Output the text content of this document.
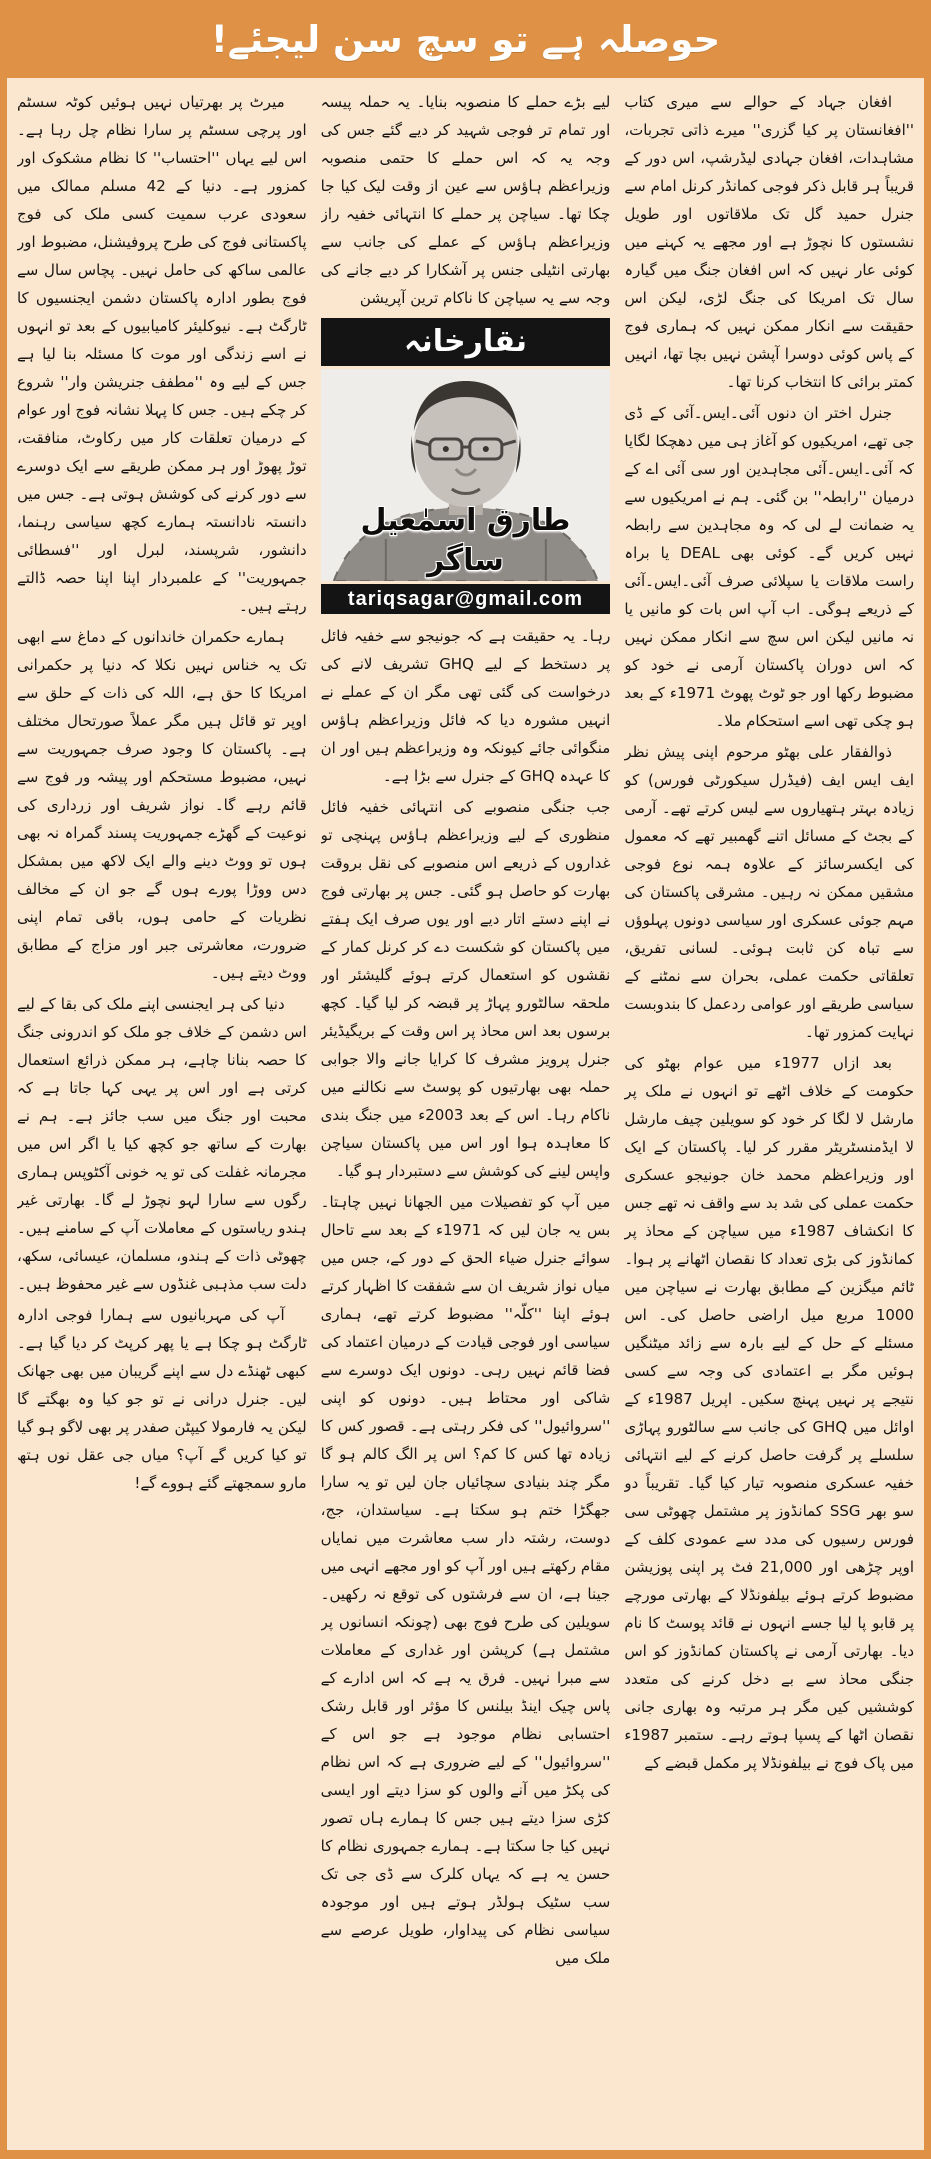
حوصلہ ہے تو سچ سن لیجئے!

افغان جہاد کے حوالے سے میری کتاب ''افغانستان پر کیا گزری'' میرے ذاتی تجربات، مشاہدات، افغان جہادی لیڈرشپ، اس دور کے قریباً ہر قابل ذکر فوجی کمانڈر کرنل امام سے جنرل حمید گل تک ملاقاتوں اور طویل نشستوں کا نچوڑ ہے اور مجھے یہ کہنے میں کوئی عار نہیں کہ اس افغان جنگ میں گیارہ سال تک امریکا کی جنگ لڑی، لیکن اس حقیقت سے انکار ممکن نہیں کہ ہماری فوج کے پاس کوئی دوسرا آپشن نہیں بچا تھا، انہیں کمتر برائی کا انتخاب کرنا تھا۔

جنرل اختر ان دنوں آئی۔ایس۔آئی کے ڈی جی تھے، امریکیوں کو آغاز ہی میں دھچکا لگایا کہ آئی۔ایس۔آئی مجاہدین اور سی آئی اے کے درمیان ''رابطہ'' بن گئی۔ ہم نے امریکیوں سے یہ ضمانت لے لی کہ وہ مجاہدین سے رابطہ نہیں کریں گے۔ کوئی بھی DEAL یا براہ راست ملاقات یا سپلائی صرف آئی۔ایس۔آئی کے ذریعے ہوگی۔ اب آپ اس بات کو مانیں یا نہ مانیں لیکن اس سچ سے انکار ممکن نہیں کہ اس دوران پاکستان آرمی نے خود کو مضبوط رکھا اور جو ٹوٹ پھوٹ 1971ء کے بعد ہو چکی تھی اسے استحکام ملا۔

ذوالفقار علی بھٹو مرحوم اپنی پیش نظر ایف ایس ایف (فیڈرل سیکورٹی فورس) کو زیادہ بہتر ہتھیاروں سے لیس کرتے تھے۔ آرمی کے بجٹ کے مسائل اتنے گھمبیر تھے کہ معمول کی ایکسرسائز کے علاوہ ہمہ نوع فوجی مشقیں ممکن نہ رہیں۔ مشرقی پاکستان کی مہم جوئی عسکری اور سیاسی دونوں پہلوؤں سے تباہ کن ثابت ہوئی۔ لسانی تفریق، تعلقاتی حکمت عملی، بحران سے نمٹنے کے سیاسی طریقے اور عوامی ردعمل کا بندوبست نہایت کمزور تھا۔

بعد ازاں 1977ء میں عوام بھٹو کی حکومت کے خلاف اٹھے تو انہوں نے ملک پر مارشل لا لگا کر خود کو سویلین چیف مارشل لا ایڈمنسٹریٹر مقرر کر لیا۔ پاکستان کے ایک اور وزیراعظم محمد خان جونیجو عسکری حکمت عملی کی شد بد سے واقف نہ تھے جس کا انکشاف 1987ء میں سیاچن کے محاذ پر کمانڈوز کی بڑی تعداد کا نقصان اٹھانے پر ہوا۔ ٹائم میگزین کے مطابق بھارت نے سیاچن میں 1000 مربع میل اراضی حاصل کی۔ اس مسئلے کے حل کے لیے بارہ سے زائد میٹنگیں ہوئیں مگر بے اعتمادی کی وجہ سے کسی نتیجے پر نہیں پہنچ سکیں۔ اپریل 1987ء کے اوائل میں GHQ کی جانب سے سالٹورو پہاڑی سلسلے پر گرفت حاصل کرنے کے لیے انتہائی خفیہ عسکری منصوبہ تیار کیا گیا۔ تقریباً دو سو بھر SSG کمانڈوز پر مشتمل چھوٹی سی فورس رسیوں کی مدد سے عمودی کلف کے اوپر چڑھی اور 21,000 فٹ پر اپنی پوزیشن مضبوط کرتے ہوئے بیلفونڈلا کے بھارتی مورچے پر قابو پا لیا جسے انہوں نے قائد پوسٹ کا نام دیا۔ بھارتی آرمی نے پاکستان کمانڈوز کو اس جنگی محاذ سے بے دخل کرنے کی متعدد کوششیں کیں مگر ہر مرتبہ وہ بھاری جانی نقصان اٹھا کے پسپا ہوتے رہے۔ ستمبر 1987ء میں پاک فوج نے بیلفونڈلا پر مکمل قبضے کے

لیے بڑے حملے کا منصوبہ بنایا۔ یہ حملہ پیسہ اور تمام تر فوجی شہید کر دیے گئے جس کی وجہ یہ کہ اس حملے کا حتمی منصوبہ وزیراعظم ہاؤس سے عین از وقت لیک کیا جا چکا تھا۔ سیاچن پر حملے کا انتہائی خفیہ راز وزیراعظم ہاؤس کے عملے کی جانب سے بھارتی انٹیلی جنس پر آشکارا کر دیے جانے کی وجہ سے یہ سیاچن کا ناکام ترین آپریشن

نقارخانہ
طارق اسمٰعیل ساگر
tariqsagar@gmail.com

رہا۔ یہ حقیقت ہے کہ جونیجو سے خفیہ فائل پر دستخط کے لیے GHQ تشریف لانے کی درخواست کی گئی تھی مگر ان کے عملے نے انہیں مشورہ دیا کہ فائل وزیراعظم ہاؤس منگوائی جائے کیونکہ وہ وزیراعظم ہیں اور ان کا عہدہ GHQ کے جنرل سے بڑا ہے۔

جب جنگی منصوبے کی انتہائی خفیہ فائل منظوری کے لیے وزیراعظم ہاؤس پہنچی تو غداروں کے ذریعے اس منصوبے کی نقل بروقت بھارت کو حاصل ہو گئی۔ جس پر بھارتی فوج نے اپنے دستے اتار دیے اور یوں صرف ایک ہفتے میں پاکستان کو شکست دے کر کرنل کمار کے نقشوں کو استعمال کرتے ہوئے گلیشئر اور ملحقہ سالٹورو پہاڑ پر قبضہ کر لیا گیا۔ کچھ برسوں بعد اس محاذ پر اس وقت کے بریگیڈیئر جنرل پرویز مشرف کا کرایا جانے والا جوابی حملہ بھی بھارتیوں کو پوسٹ سے نکالنے میں ناکام رہا۔ اس کے بعد 2003ء میں جنگ بندی کا معاہدہ ہوا اور اس میں پاکستان سیاچن واپس لینے کی کوشش سے دستبردار ہو گیا۔

میں آپ کو تفصیلات میں الجھانا نہیں چاہتا۔ بس یہ جان لیں کہ 1971ء کے بعد سے تاحال سوائے جنرل ضیاء الحق کے دور کے، جس میں میاں نواز شریف ان سے شفقت کا اظہار کرتے ہوئے اپنا ''کلّہ'' مضبوط کرتے تھے، ہماری سیاسی اور فوجی قیادت کے درمیان اعتماد کی فضا قائم نہیں رہی۔ دونوں ایک دوسرے سے شاکی اور محتاط ہیں۔ دونوں کو اپنی ''سروائیول'' کی فکر رہتی ہے۔ قصور کس کا زیادہ تھا کس کا کم؟ اس پر الگ کالم ہو گا مگر چند بنیادی سچائیاں جان لیں تو یہ سارا جھگڑا ختم ہو سکتا ہے۔ سیاستدان، جج، دوست، رشتہ دار سب معاشرت میں نمایاں مقام رکھتے ہیں اور آپ کو اور مجھے انہی میں جینا ہے، ان سے فرشتوں کی توقع نہ رکھیں۔ سویلین کی طرح فوج بھی (چونکہ انسانوں پر مشتمل ہے) کرپشن اور غداری کے معاملات سے مبرا نہیں۔ فرق یہ ہے کہ اس ادارے کے پاس چیک اینڈ بیلنس کا مؤثر اور قابل رشک احتسابی نظام موجود ہے جو اس کے ''سروائیول'' کے لیے ضروری ہے کہ اس نظام کی پکڑ میں آنے والوں کو سزا دیتے اور ایسی کڑی سزا دیتے ہیں جس کا ہمارے ہاں تصور نہیں کیا جا سکتا ہے۔ ہمارے جمہوری نظام کا حسن یہ ہے کہ یہاں کلرک سے ڈی جی تک سب سٹیک ہولڈر ہوتے ہیں اور موجودہ سیاسی نظام کی پیداوار، طویل عرصے سے ملک میں

میرٹ پر بھرتیاں نہیں ہوئیں کوٹہ سسٹم اور پرچی سسٹم پر سارا نظام چل رہا ہے۔ اس لیے یہاں ''احتساب'' کا نظام مشکوک اور کمزور ہے۔ دنیا کے 42 مسلم ممالک میں سعودی عرب سمیت کسی ملک کی فوج پاکستانی فوج کی طرح پروفیشنل، مضبوط اور عالمی ساکھ کی حامل نہیں۔ پچاس سال سے فوج بطور ادارہ پاکستان دشمن ایجنسیوں کا ٹارگٹ ہے۔ نیوکلیئر کامیابیوں کے بعد تو انہوں نے اسے زندگی اور موت کا مسئلہ بنا لیا ہے جس کے لیے وہ ''مطفف جنریشن وار'' شروع کر چکے ہیں۔ جس کا پہلا نشانہ فوج اور عوام کے درمیان تعلقات کار میں رکاوٹ، منافقت، توڑ پھوڑ اور ہر ممکن طریقے سے ایک دوسرے سے دور کرنے کی کوشش ہوتی ہے۔ جس میں دانستہ نادانستہ ہمارے کچھ سیاسی رہنما، دانشور، شرپسند، لبرل اور ''فسطائی جمہوریت'' کے علمبردار اپنا اپنا حصہ ڈالتے رہتے ہیں۔

ہمارے حکمران خاندانوں کے دماغ سے ابھی تک یہ خناس نہیں نکلا کہ دنیا پر حکمرانی امریکا کا حق ہے، اللہ کی ذات کے حلق سے اوپر تو قائل ہیں مگر عملاً صورتحال مختلف ہے۔ پاکستان کا وجود صرف جمہوریت سے نہیں، مضبوط مستحکم اور پیشہ ور فوج سے قائم رہے گا۔ نواز شریف اور زرداری کی نوعیت کے گھڑے جمہوریت پسند گمراہ نہ بھی ہوں تو ووٹ دینے والے ایک لاکھ میں بمشکل دس ووڑا پورے ہوں گے جو ان کے مخالف نظریات کے حامی ہوں، باقی تمام اپنی ضرورت، معاشرتی جبر اور مزاج کے مطابق ووٹ دیتے ہیں۔

دنیا کی ہر ایجنسی اپنے ملک کی بقا کے لیے اس دشمن کے خلاف جو ملک کو اندرونی جنگ کا حصہ بنانا چاہے، ہر ممکن ذرائع استعمال کرتی ہے اور اس پر یہی کہا جاتا ہے کہ محبت اور جنگ میں سب جائز ہے۔ ہم نے بھارت کے ساتھ جو کچھ کیا یا اگر اس میں مجرمانہ غفلت کی تو یہ خونی آکٹوپس ہماری رگوں سے سارا لہو نچوڑ لے گا۔ بھارتی غیر ہندو ریاستوں کے معاملات آپ کے سامنے ہیں۔ چھوٹی ذات کے ہندو، مسلمان، عیسائی، سکھ، دلت سب مذہبی غنڈوں سے غیر محفوظ ہیں۔

آپ کی مہربانیوں سے ہمارا فوجی ادارہ ٹارگٹ ہو چکا ہے یا پھر کرپٹ کر دیا گیا ہے۔ کبھی ٹھنڈے دل سے اپنے گریبان میں بھی جھانک لیں۔ جنرل درانی نے تو جو کیا وہ بھگتے گا لیکن یہ فارمولا کیپٹن صفدر پر بھی لاگو ہو گیا تو کیا کریں گے آپ؟ میاں جی عقل نوں ہتھ مارو سمجھتے گئے ہووے گے!
